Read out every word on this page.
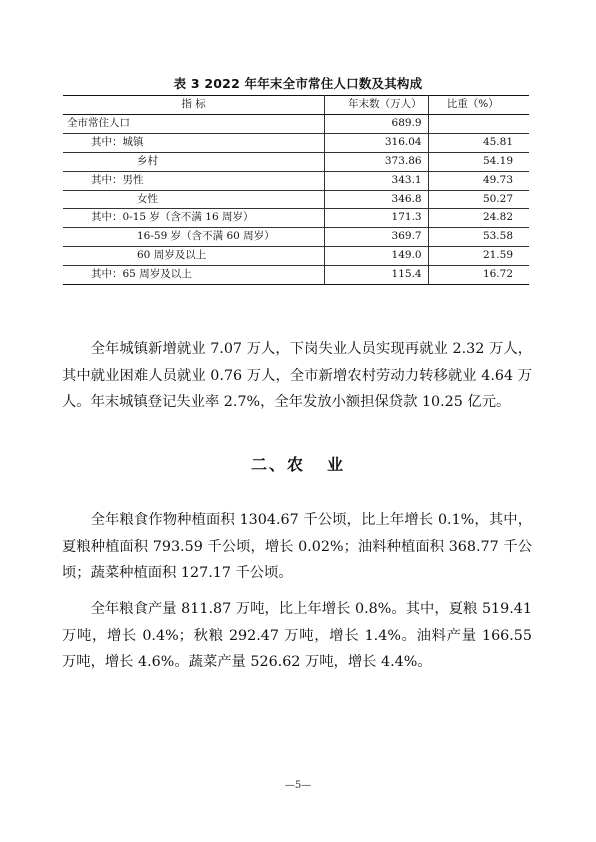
表 3 2022 年年末全市常住人口数及其构成
指 标	年末数（万人）	比重（%）
全市常住人口	689.9	
其中：城镇	316.04	45.81
乡村	373.86	54.19
其中：男性	343.1	49.73
女性	346.8	50.27
其中：0-15 岁（含不满 16 周岁）	171.3	24.82
16-59 岁（含不满 60 周岁）	369.7	53.58
60 周岁及以上	149.0	21.59
其中：65 周岁及以上	115.4	16.72

全年城镇新增就业 7.07 万人，下岗失业人员实现再就业 2.32 万人，其中就业困难人员就业 0.76 万人，全市新增农村劳动力转移就业 4.64 万人。年末城镇登记失业率 2.7%，全年发放小额担保贷款 10.25 亿元。

二、农 业

全年粮食作物种植面积 1304.67 千公顷，比上年增长 0.1%，其中，夏粮种植面积 793.59 千公顷，增长 0.02%；油料种植面积 368.77 千公顷；蔬菜种植面积 127.17 千公顷。

全年粮食产量 811.87 万吨，比上年增长 0.8%。其中，夏粮 519.41 万吨，增长 0.4%；秋粮 292.47 万吨，增长 1.4%。油料产量 166.55 万吨，增长 4.6%。蔬菜产量 526.62 万吨，增长 4.4%。

—5—
